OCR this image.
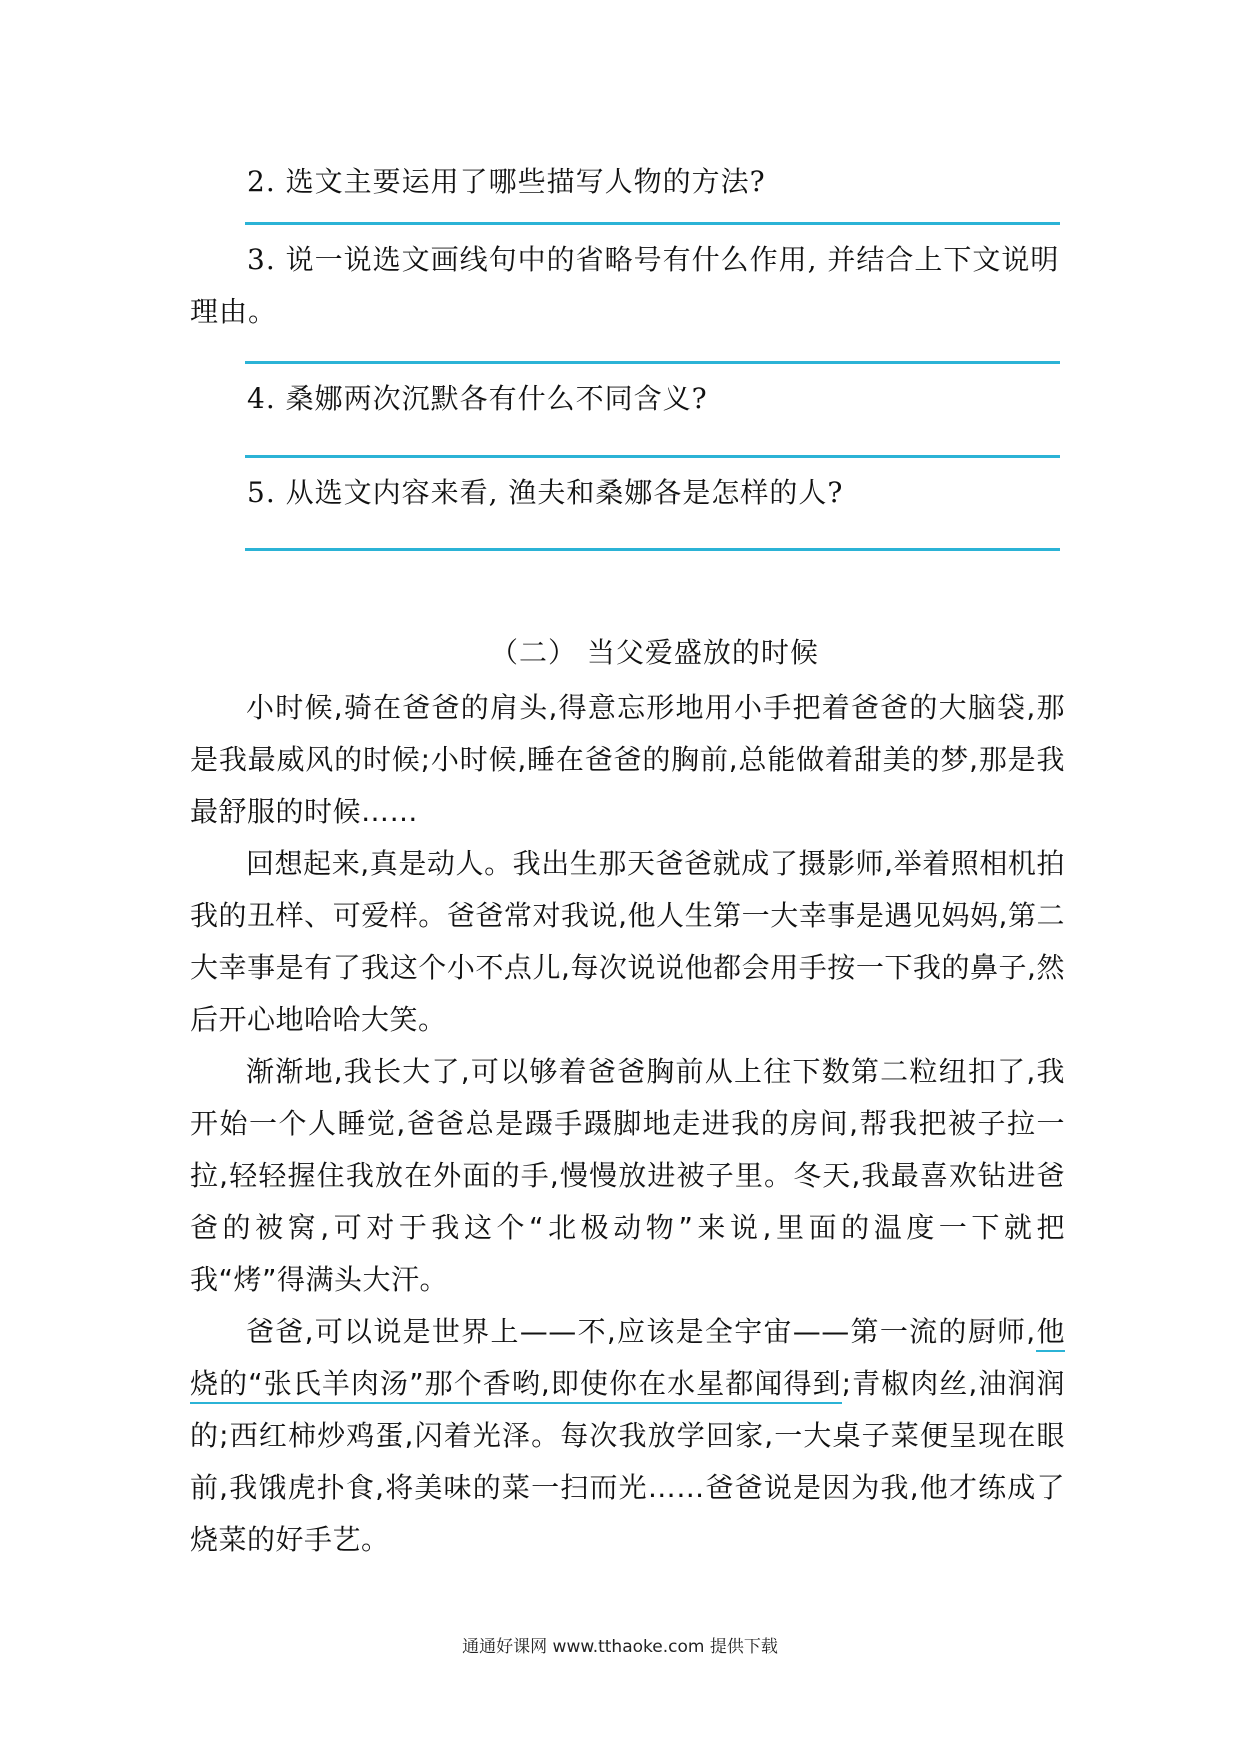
2. 选文主要运用了哪些描写人物的方法?
3. 说一说选文画线句中的省略号有什么作用, 并结合上下文说明理由。
4. 桑娜两次沉默各有什么不同含义?
5. 从选文内容来看, 渔夫和桑娜各是怎样的人?
（二） 当父爱盛放的时候
小时候,骑在爸爸的肩头,得意忘形地用小手把着爸爸的大脑袋,那是我最威风的时候;小时候,睡在爸爸的胸前,总能做着甜美的梦,那是我最舒服的时候……
回想起来,真是动人。我出生那天爸爸就成了摄影师,举着照相机拍我的丑样、可爱样。爸爸常对我说,他人生第一大幸事是遇见妈妈,第二大幸事是有了我这个小不点儿,每次说说他都会用手按一下我的鼻子,然后开心地哈哈大笑。
渐渐地,我长大了,可以够着爸爸胸前从上往下数第二粒纽扣了,我开始一个人睡觉,爸爸总是蹑手蹑脚地走进我的房间,帮我把被子拉一拉,轻轻握住我放在外面的手,慢慢放进被子里。冬天,我最喜欢钻进爸爸的被窝,可对于我这个“北极动物”来说,里面的温度一下就把我“烤”得满头大汗。
爸爸,可以说是世界上——不,应该是全宇宙——第一流的厨师,他烧的“张氏羊肉汤”那个香哟,即使你在水星都闻得到;青椒肉丝,油润润的;西红柿炒鸡蛋,闪着光泽。每次我放学回家,一大桌子菜便呈现在眼前,我饿虎扑食,将美味的菜一扫而光……爸爸说是因为我,他才练成了烧菜的好手艺。
通通好课网 www.tthaoke.com 提供下载
